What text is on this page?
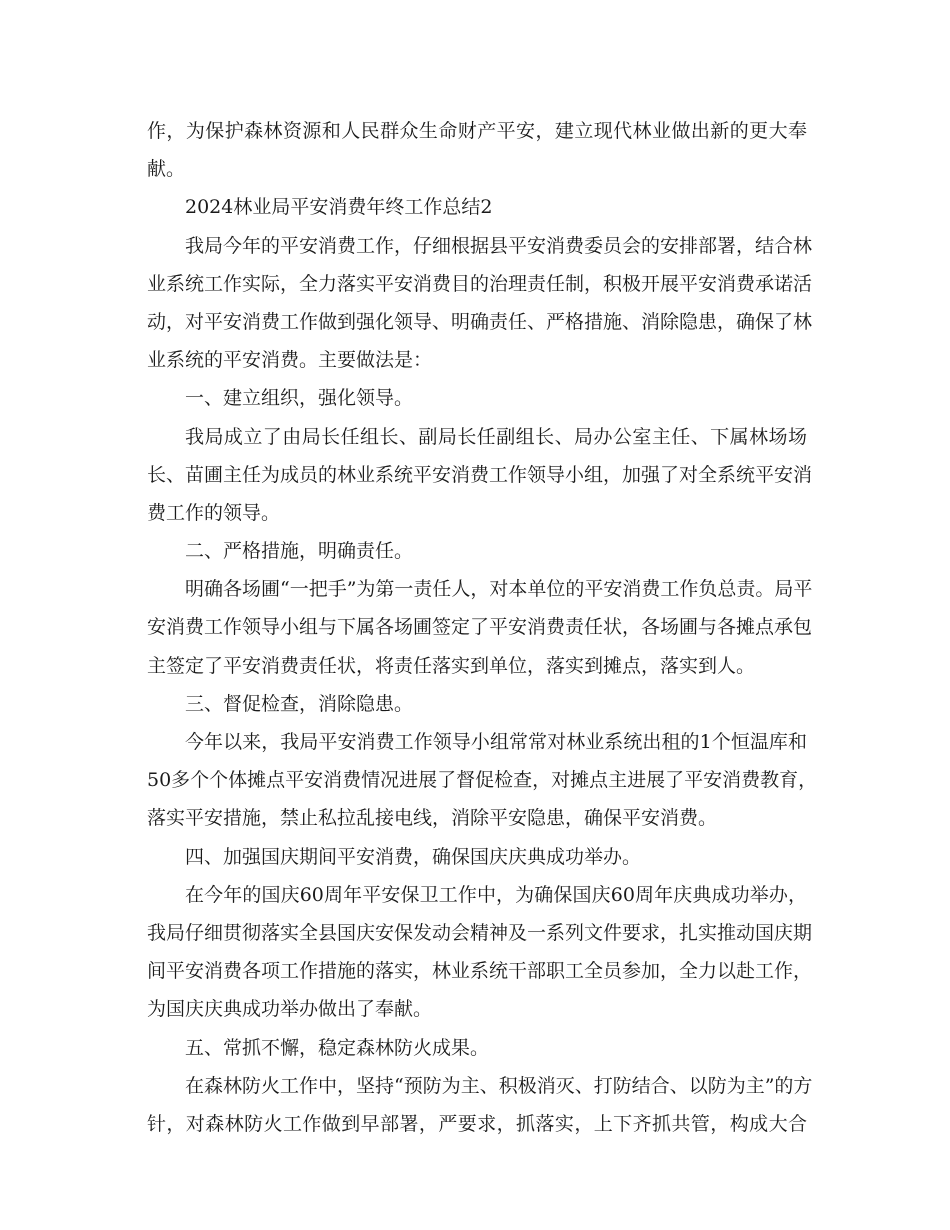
作，为保护森林资源和人民群众生命财产平安，建立现代林业做出新的更大奉
献。
2024林业局平安消费年终工作总结2
我局今年的平安消费工作，仔细根据县平安消费委员会的安排部署，结合林
业系统工作实际，全力落实平安消费目的治理责任制，积极开展平安消费承诺活
动，对平安消费工作做到强化领导、明确责任、严格措施、消除隐患，确保了林
业系统的平安消费。主要做法是：
一、建立组织，强化领导。
我局成立了由局长任组长、副局长任副组长、局办公室主任、下属林场场
长、苗圃主任为成员的林业系统平安消费工作领导小组，加强了对全系统平安消
费工作的领导。
二、严格措施，明确责任。
明确各场圃“一把手”为第一责任人，对本单位的平安消费工作负总责。局平
安消费工作领导小组与下属各场圃签定了平安消费责任状，各场圃与各摊点承包
主签定了平安消费责任状，将责任落实到单位，落实到摊点，落实到人。
三、督促检查，消除隐患。
今年以来，我局平安消费工作领导小组常常对林业系统出租的1个恒温库和
50多个个体摊点平安消费情况进展了督促检查，对摊点主进展了平安消费教育，
落实平安措施，禁止私拉乱接电线，消除平安隐患，确保平安消费。
四、加强国庆期间平安消费，确保国庆庆典成功举办。
在今年的国庆60周年平安保卫工作中，为确保国庆60周年庆典成功举办，
我局仔细贯彻落实全县国庆安保发动会精神及一系列文件要求，扎实推动国庆期
间平安消费各项工作措施的落实，林业系统干部职工全员参加，全力以赴工作，
为国庆庆典成功举办做出了奉献。
五、常抓不懈，稳定森林防火成果。
在森林防火工作中，坚持“预防为主、积极消灭、打防结合、以防为主”的方
针，对森林防火工作做到早部署，严要求，抓落实，上下齐抓共管，构成大合
